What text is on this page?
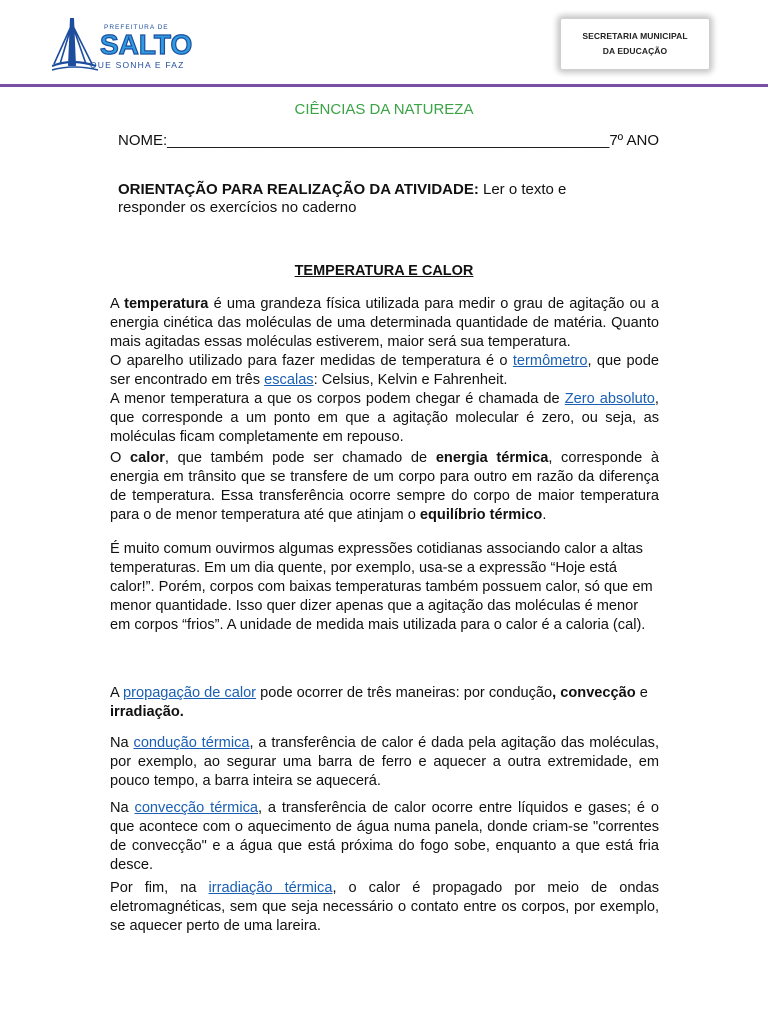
PREFEITURA DE
SALTO
QUE SONHA E FAZ
SECRETARIA MUNICIPAL
DA EDUCAÇÃO
CIÊNCIAS DA NATUREZA
NOME:_____________________________________________________7º ANO
ORIENTAÇÃO PARA REALIZAÇÃO DA ATIVIDADE: Ler o texto e responder os exercícios no caderno
TEMPERATURA E CALOR

A temperatura é uma grandeza física utilizada para medir o grau de agitação ou a energia cinética das moléculas de uma determinada quantidade de matéria. Quanto mais agitadas essas moléculas estiverem, maior será sua temperatura.
O aparelho utilizado para fazer medidas de temperatura é o termômetro, que pode ser encontrado em três escalas: Celsius, Kelvin e Fahrenheit.
A menor temperatura a que os corpos podem chegar é chamada de Zero absoluto, que corresponde a um ponto em que a agitação molecular é zero, ou seja, as moléculas ficam completamente em repouso.

O calor, que também pode ser chamado de energia térmica, corresponde à energia em trânsito que se transfere de um corpo para outro em razão da diferença de temperatura. Essa transferência ocorre sempre do corpo de maior temperatura para o de menor temperatura até que atinjam o equilíbrio térmico.

É muito comum ouvirmos algumas expressões cotidianas associando calor a altas temperaturas. Em um dia quente, por exemplo, usa-se a expressão “Hoje está calor!”. Porém, corpos com baixas temperaturas também possuem calor, só que em menor quantidade. Isso quer dizer apenas que a agitação das moléculas é menor em corpos “frios”. A unidade de medida mais utilizada para o calor é a caloria (cal).

A propagação de calor pode ocorrer de três maneiras: por condução, convecção e irradiação.

Na condução térmica, a transferência de calor é dada pela agitação das moléculas, por exemplo, ao segurar uma barra de ferro e aquecer a outra extremidade, em pouco tempo, a barra inteira se aquecerá.

Na convecção térmica, a transferência de calor ocorre entre líquidos e gases; é o que acontece com o aquecimento de água numa panela, donde criam-se "correntes de convecção" e a água que está próxima do fogo sobe, enquanto a que está fria desce.

Por fim, na irradiação térmica, o calor é propagado por meio de ondas eletromagnéticas, sem que seja necessário o contato entre os corpos, por exemplo, se aquecer perto de uma lareira.
